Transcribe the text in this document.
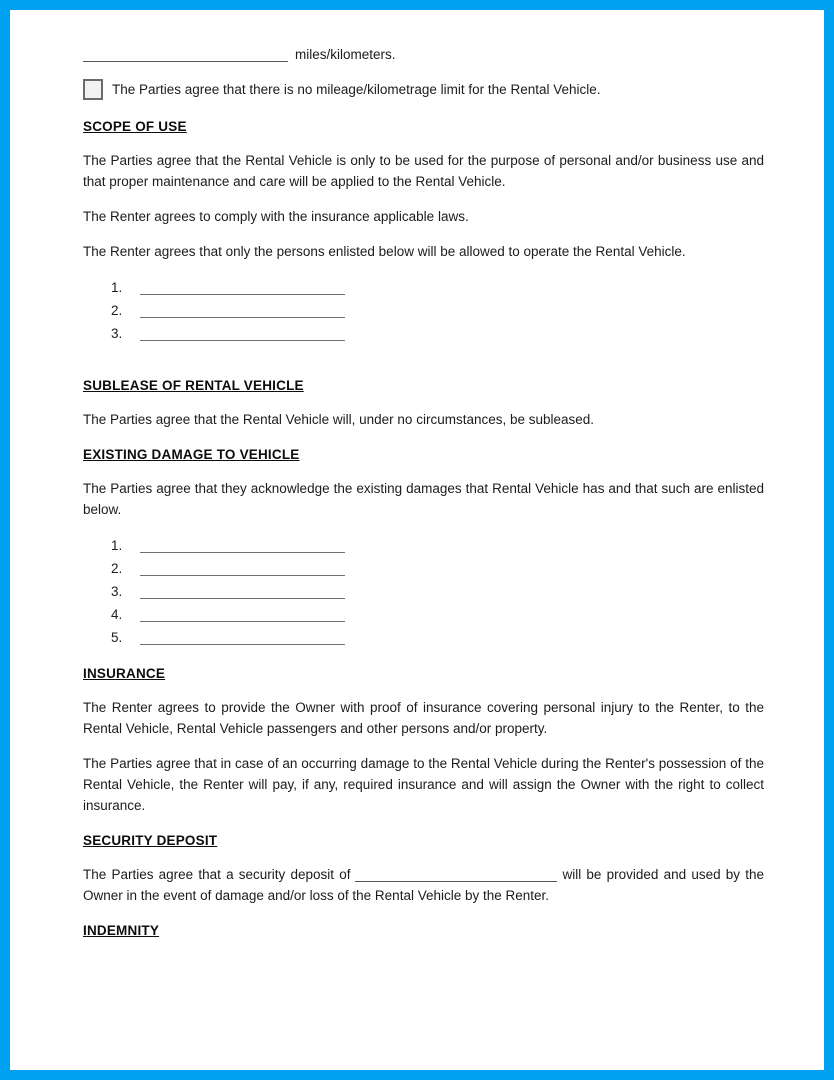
miles/kilometers.

The Parties agree that there is no mileage/kilometrage limit for the Rental Vehicle.

SCOPE OF USE

The Parties agree that the Rental Vehicle is only to be used for the purpose of personal and/or business use and that proper maintenance and care will be applied to the Rental Vehicle.

The Renter agrees to comply with the insurance applicable laws.

The Renter agrees that only the persons enlisted below will be allowed to operate the Rental Vehicle.

1.
2.
3.

SUBLEASE OF RENTAL VEHICLE

The Parties agree that the Rental Vehicle will, under no circumstances, be subleased.

EXISTING DAMAGE TO VEHICLE

The Parties agree that they acknowledge the existing damages that Rental Vehicle has and that such are enlisted below.

1.
2.
3.
4.
5.

INSURANCE

The Renter agrees to provide the Owner with proof of insurance covering personal injury to the Renter, to the Rental Vehicle, Rental Vehicle passengers and other persons and/or property.

The Parties agree that in case of an occurring damage to the Rental Vehicle during the Renter's possession of the Rental Vehicle, the Renter will pay, if any, required insurance and will assign the Owner with the right to collect insurance.

SECURITY DEPOSIT

The Parties agree that a security deposit of	will be provided and used by the Owner in the event of damage and/or loss of the Rental Vehicle by the Renter.

INDEMNITY
